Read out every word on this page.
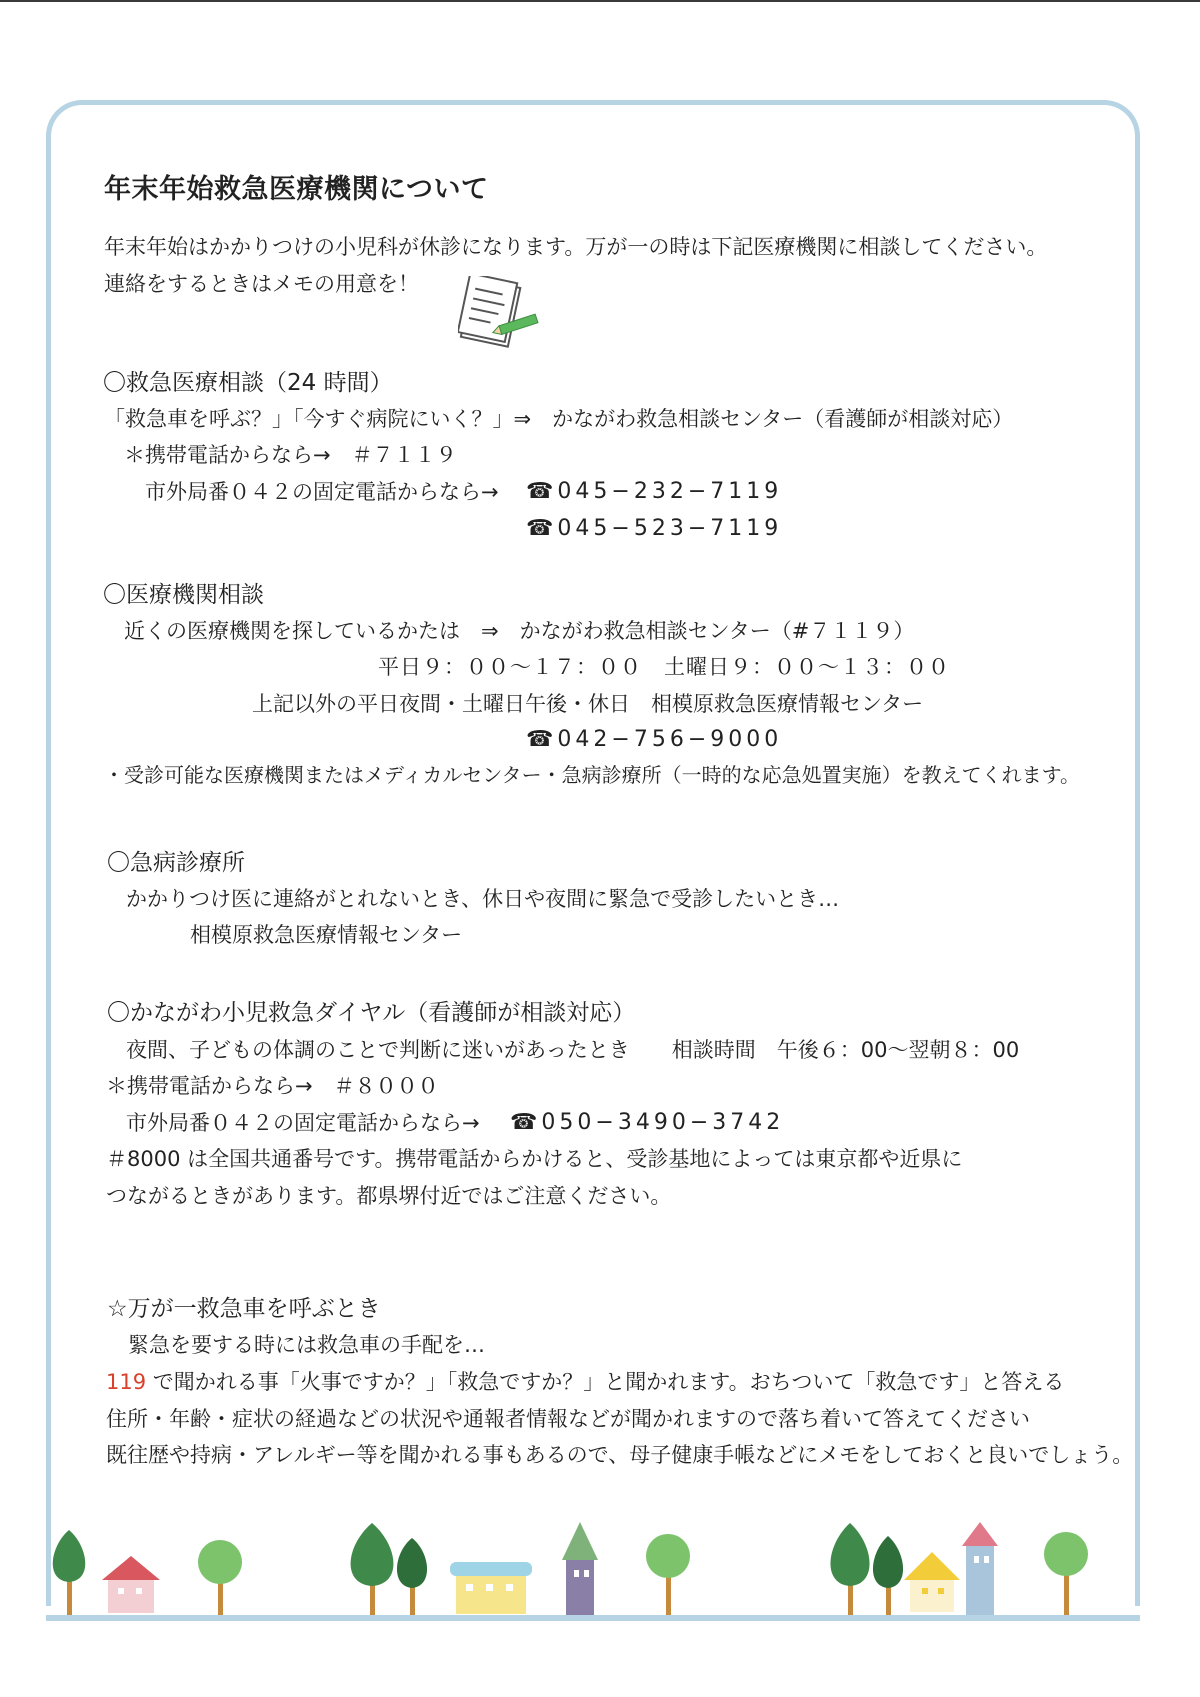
年末年始救急医療機関について
年末年始はかかりつけの小児科が休診になります。万が一の時は下記医療機関に相談してください。
連絡をするときはメモの用意を！
〇救急医療相談（24 時間）
「救急車を呼ぶ？」「今すぐ病院にいく？」⇒　かながわ救急相談センター（看護師が相談対応）
＊携帯電話からなら→　＃７１１９
市外局番０４２の固定電話からなら→ ☎045−232−7119
☎045−523−7119
〇医療機関相談
近くの医療機関を探しているかたは　⇒　かながわ救急相談センター（#７１１９）
平日９：００〜１７：００　土曜日９：００〜１３：００
上記以外の平日夜間・土曜日午後・休日　相模原救急医療情報センター
☎042−756−9000
・受診可能な医療機関またはメディカルセンター・急病診療所（一時的な応急処置実施）を教えてくれます。
〇急病診療所
かかりつけ医に連絡がとれないとき、休日や夜間に緊急で受診したいとき…
相模原救急医療情報センター
〇かながわ小児救急ダイヤル（看護師が相談対応）
夜間、子どもの体調のことで判断に迷いがあったとき　　相談時間　午後６：00〜翌朝８：00
＊携帯電話からなら→　＃８０００
市外局番０４２の固定電話からなら→ ☎050−3490−3742
＃8000 は全国共通番号です。携帯電話からかけると、受診基地によっては東京都や近県に
つながるときがあります。都県堺付近ではご注意ください。
☆万が一救急車を呼ぶとき
緊急を要する時には救急車の手配を…
119 で聞かれる事「火事ですか？」「救急ですか？」と聞かれます。おちついて「救急です」と答える
住所・年齢・症状の経過などの状況や通報者情報などが聞かれますので落ち着いて答えてください
既往歴や持病・アレルギー等を聞かれる事もあるので、母子健康手帳などにメモをしておくと良いでしょう。
